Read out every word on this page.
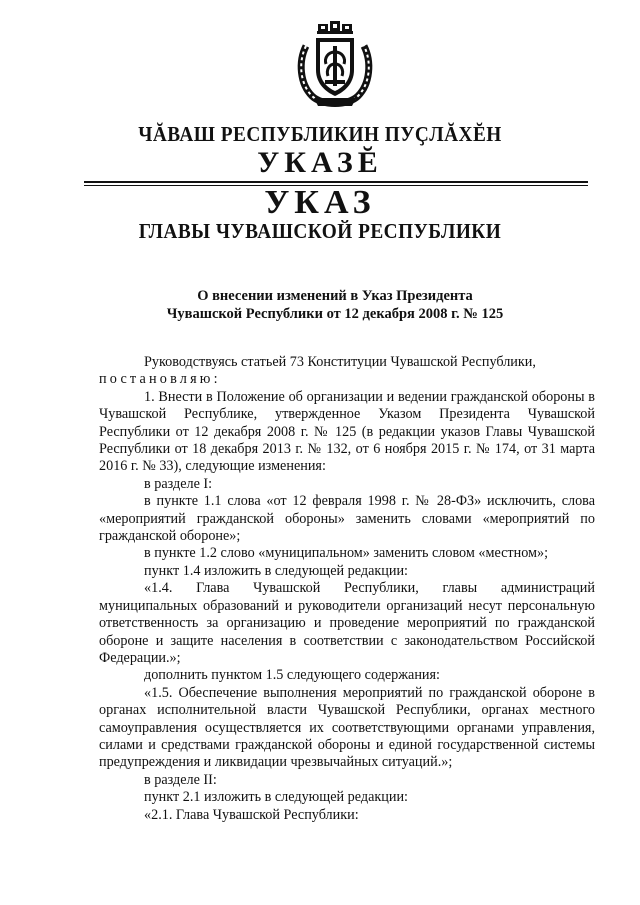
ЧĂВАШ РЕСПУБЛИКИН ПУҪЛĂХĔН
УКАЗĔ
УКАЗ
ГЛАВЫ ЧУВАШСКОЙ РЕСПУБЛИКИ
О внесении изменений в Указ Президента
Чувашской Республики от 12 декабря 2008 г. № 125

Руководствуясь статьей 73 Конституции Чувашской Республики,

постановляю:

1. Внести в Положение об организации и ведении гражданской обороны в Чувашской Республике, утвержденное Указом Президента Чувашской Республики от 12 декабря 2008 г. № 125 (в редакции указов Главы Чувашской Республики от 18 декабря 2013 г. № 132, от 6 ноября 2015 г. № 174, от 31 марта 2016 г. № 33), следующие изменения:

в разделе I:

в пункте 1.1 слова «от 12 февраля 1998 г. № 28-ФЗ» исключить, слова «мероприятий гражданской обороны» заменить словами «мероприятий по гражданской обороне»;

в пункте 1.2 слово «муниципальном» заменить словом «местном»;

пункт 1.4 изложить в следующей редакции:

«1.4. Глава Чувашской Республики, главы администраций муниципальных образований и руководители организаций несут персональную ответственность за организацию и проведение мероприятий по гражданской обороне и защите населения в соответствии с законодательством Российской Федерации.»;

дополнить пунктом 1.5 следующего содержания:

«1.5. Обеспечение выполнения мероприятий по гражданской обороне в органах исполнительной власти Чувашской Республики, органах местного самоуправления осуществляется их соответствующими органами управления, силами и средствами гражданской обороны и единой государственной системы предупреждения и ликвидации чрезвычайных ситуаций.»;

в разделе II:

пункт 2.1 изложить в следующей редакции:

«2.1. Глава Чувашской Республики:
